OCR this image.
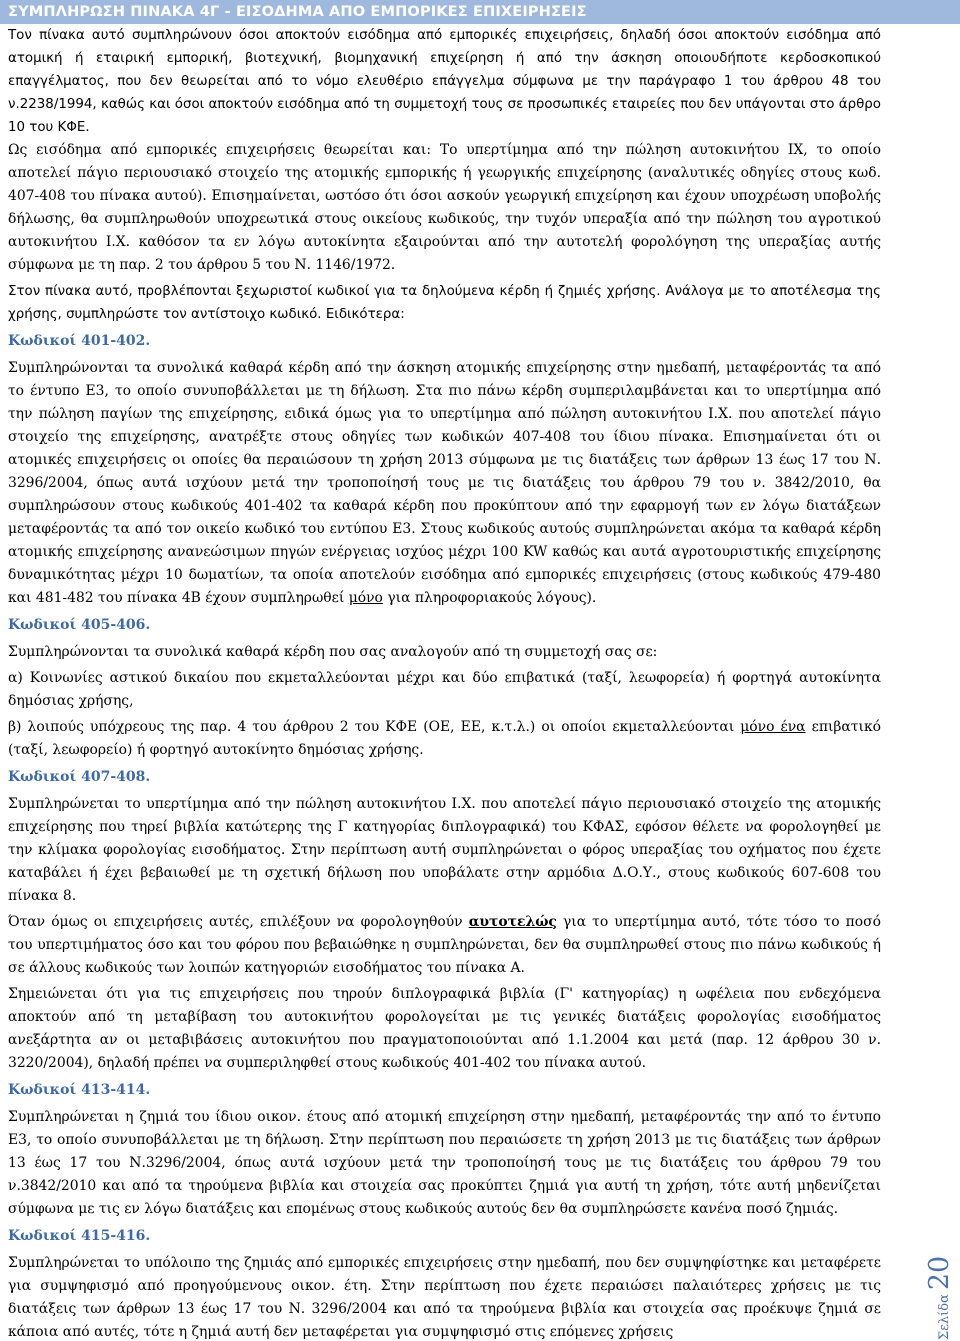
ΣΥΜΠΛΗΡΩΣΗ ΠΙΝΑΚΑ 4Γ - ΕΙΣΟΔΗΜΑ ΑΠΟ ΕΜΠΟΡΙΚΕΣ ΕΠΙΧΕΙΡΗΣΕΙΣ

Τον πίνακα αυτό συμπληρώνουν όσοι αποκτούν εισόδημα από εμπορικές επιχειρήσεις, δηλαδή όσοι αποκτούν εισόδημα από ατομική ή εταιρική εμπορική, βιοτεχνική, βιομηχανική επιχείρηση ή από την άσκηση οποιουδήποτε κερδοσκοπικού επαγγέλματος, που δεν θεωρείται από το νόμο ελευθέριο επάγγελμα σύμφωνα με την παράγραφο 1 του άρθρου 48 του ν.2238/1994, καθώς και όσοι αποκτούν εισόδημα από τη συμμετοχή τους σε προσωπικές εταιρείες που δεν υπάγονται στο άρθρο 10 του ΚΦΕ.

Ως εισόδημα από εμπορικές επιχειρήσεις θεωρείται και: Το υπερτίμημα από την πώληση αυτοκινήτου ΙΧ, το οποίο αποτελεί πάγιο περιουσιακό στοιχείο της ατομικής εμπορικής ή γεωργικής επιχείρησης (αναλυτικές οδηγίες στους κωδ. 407-408 του πίνακα αυτού). Επισημαίνεται, ωστόσο ότι όσοι ασκούν γεωργική επιχείρηση και έχουν υποχρέωση υποβολής δήλωσης, θα συμπληρωθούν υποχρεωτικά στους οικείους κωδικούς, την τυχόν υπεραξία από την πώληση του αγροτικού αυτοκινήτου Ι.Χ. καθόσον τα εν λόγω αυτοκίνητα εξαιρούνται από την αυτοτελή φορολόγηση της υπεραξίας αυτής σύμφωνα με τη παρ. 2 του άρθρου 5 του Ν. 1146/1972.

Στον πίνακα αυτό, προβλέπονται ξεχωριστοί κωδικοί για τα δηλούμενα κέρδη ή ζημιές χρήσης. Ανάλογα με το αποτέλεσμα της χρήσης, συμπληρώστε τον αντίστοιχο κωδικό. Ειδικότερα:

Κωδικοί 401-402.

Συμπληρώνονται τα συνολικά καθαρά κέρδη από την άσκηση ατομικής επιχείρησης στην ημεδαπή, μεταφέροντάς τα από το έντυπο Ε3, το οποίο συνυποβάλλεται με τη δήλωση. Στα πιο πάνω κέρδη συμπεριλαμβάνεται και το υπερτίμημα από την πώληση παγίων της επιχείρησης, ειδικά όμως για το υπερτίμημα από πώληση αυτοκινήτου Ι.Χ. που αποτελεί πάγιο στοιχείο της επιχείρησης, ανατρέξτε στους οδηγίες των κωδικών 407-408 του ίδιου πίνακα. Επισημαίνεται ότι οι ατομικές επιχειρήσεις οι οποίες θα περαιώσουν τη χρήση 2013 σύμφωνα με τις διατάξεις των άρθρων 13 έως 17 του Ν. 3296/2004, όπως αυτά ισχύουν μετά την τροποποίησή τους με τις διατάξεις του άρθρου 79 του ν. 3842/2010, θα συμπληρώσουν στους κωδικούς 401-402 τα καθαρά κέρδη που προκύπτουν από την εφαρμογή των εν λόγω διατάξεων μεταφέροντάς τα από τον οικείο κωδικό του εντύπου Ε3. Στους κωδικούς αυτούς συμπληρώνεται ακόμα τα καθαρά κέρδη ατομικής επιχείρησης ανανεώσιμων πηγών ενέργειας ισχύος μέχρι 100 KW καθώς και αυτά αγροτουριστικής επιχείρησης δυναμικότητας μέχρι 10 δωματίων, τα οποία αποτελούν εισόδημα από εμπορικές επιχειρήσεις (στους κωδικούς 479-480 και 481-482 του πίνακα 4Β έχουν συμπληρωθεί μόνο για πληροφοριακούς λόγους).

Κωδικοί 405-406.

Συμπληρώνονται τα συνολικά καθαρά κέρδη που σας αναλογούν από τη συμμετοχή σας σε:

α) Κοινωνίες αστικού δικαίου που εκμεταλλεύονται μέχρι και δύο επιβατικά (ταξί, λεωφορεία) ή φορτηγά αυτοκίνητα δημόσιας χρήσης,

β) λοιπούς υπόχρεους της παρ. 4 του άρθρου 2 του ΚΦΕ (ΟΕ, ΕΕ, κ.τ.λ.) οι οποίοι εκμεταλλεύονται μόνο ένα επιβατικό (ταξί, λεωφορείο) ή φορτηγό αυτοκίνητο δημόσιας χρήσης.

Κωδικοί 407-408.

Συμπληρώνεται το υπερτίμημα από την πώληση αυτοκινήτου Ι.Χ. που αποτελεί πάγιο περιουσιακό στοιχείο της ατομικής επιχείρησης που τηρεί βιβλία κατώτερης της Γ κατηγορίας διπλογραφικά) του ΚΦΑΣ, εφόσον θέλετε να φορολογηθεί με την κλίμακα φορολογίας εισοδήματος. Στην περίπτωση αυτή συμπληρώνεται ο φόρος υπεραξίας του οχήματος που έχετε καταβάλει ή έχει βεβαιωθεί με τη σχετική δήλωση που υποβάλατε στην αρμόδια Δ.Ο.Υ., στους κωδικούς 607-608 του πίνακα 8.

Όταν όμως οι επιχειρήσεις αυτές, επιλέξουν να φορολογηθούν αυτοτελώς για το υπερτίμημα αυτό, τότε τόσο το ποσό του υπερτιμήματος όσο και του φόρου που βεβαιώθηκε η συμπληρώνεται, δεν θα συμπληρωθεί στους πιο πάνω κωδικούς ή σε άλλους κωδικούς των λοιπών κατηγοριών εισοδήματος του πίνακα Α.

Σημειώνεται ότι για τις επιχειρήσεις που τηρούν διπλογραφικά βιβλία (Γ' κατηγορίας) η ωφέλεια που ενδεχόμενα αποκτούν από τη μεταβίβαση του αυτοκινήτου φορολογείται με τις γενικές διατάξεις φορολογίας εισοδήματος ανεξάρτητα αν οι μεταβιβάσεις αυτοκινήτου που πραγματοποιούνται από 1.1.2004 και μετά (παρ. 12 άρθρου 30 ν. 3220/2004), δηλαδή πρέπει να συμπεριληφθεί στους κωδικούς 401-402 του πίνακα αυτού.

Κωδικοί 413-414.

Συμπληρώνεται η ζημιά του ίδιου οικον. έτους από ατομική επιχείρηση στην ημεδαπή, μεταφέροντάς την από το έντυπο Ε3, το οποίο συνυποβάλλεται με τη δήλωση. Στην περίπτωση που περαιώσετε τη χρήση 2013 με τις διατάξεις των άρθρων 13 έως 17 του Ν.3296/2004, όπως αυτά ισχύουν μετά την τροποποίησή τους με τις διατάξεις του άρθρου 79 του ν.3842/2010 και από τα τηρούμενα βιβλία και στοιχεία σας προκύπτει ζημιά για αυτή τη χρήση, τότε αυτή μηδενίζεται σύμφωνα με τις εν λόγω διατάξεις και επομένως στους κωδικούς αυτούς δεν θα συμπληρώσετε κανένα ποσό ζημιάς.

Κωδικοί 415-416.

Συμπληρώνεται το υπόλοιπο της ζημιάς από εμπορικές επιχειρήσεις στην ημεδαπή, που δεν συμψηφίστηκε και μεταφέρετε για συμψηφισμό από προηγούμενους οικον. έτη. Στην περίπτωση που έχετε περαιώσει παλαιότερες χρήσεις με τις διατάξεις των άρθρων 13 έως 17 του Ν. 3296/2004 και από τα τηρούμενα βιβλία και στοιχεία σας προέκυψε ζημιά σε κάποια από αυτές, τότε η ζημιά αυτή δεν μεταφέρεται για συμψηφισμό στις επόμενες χρήσεις	Σελίδα20
